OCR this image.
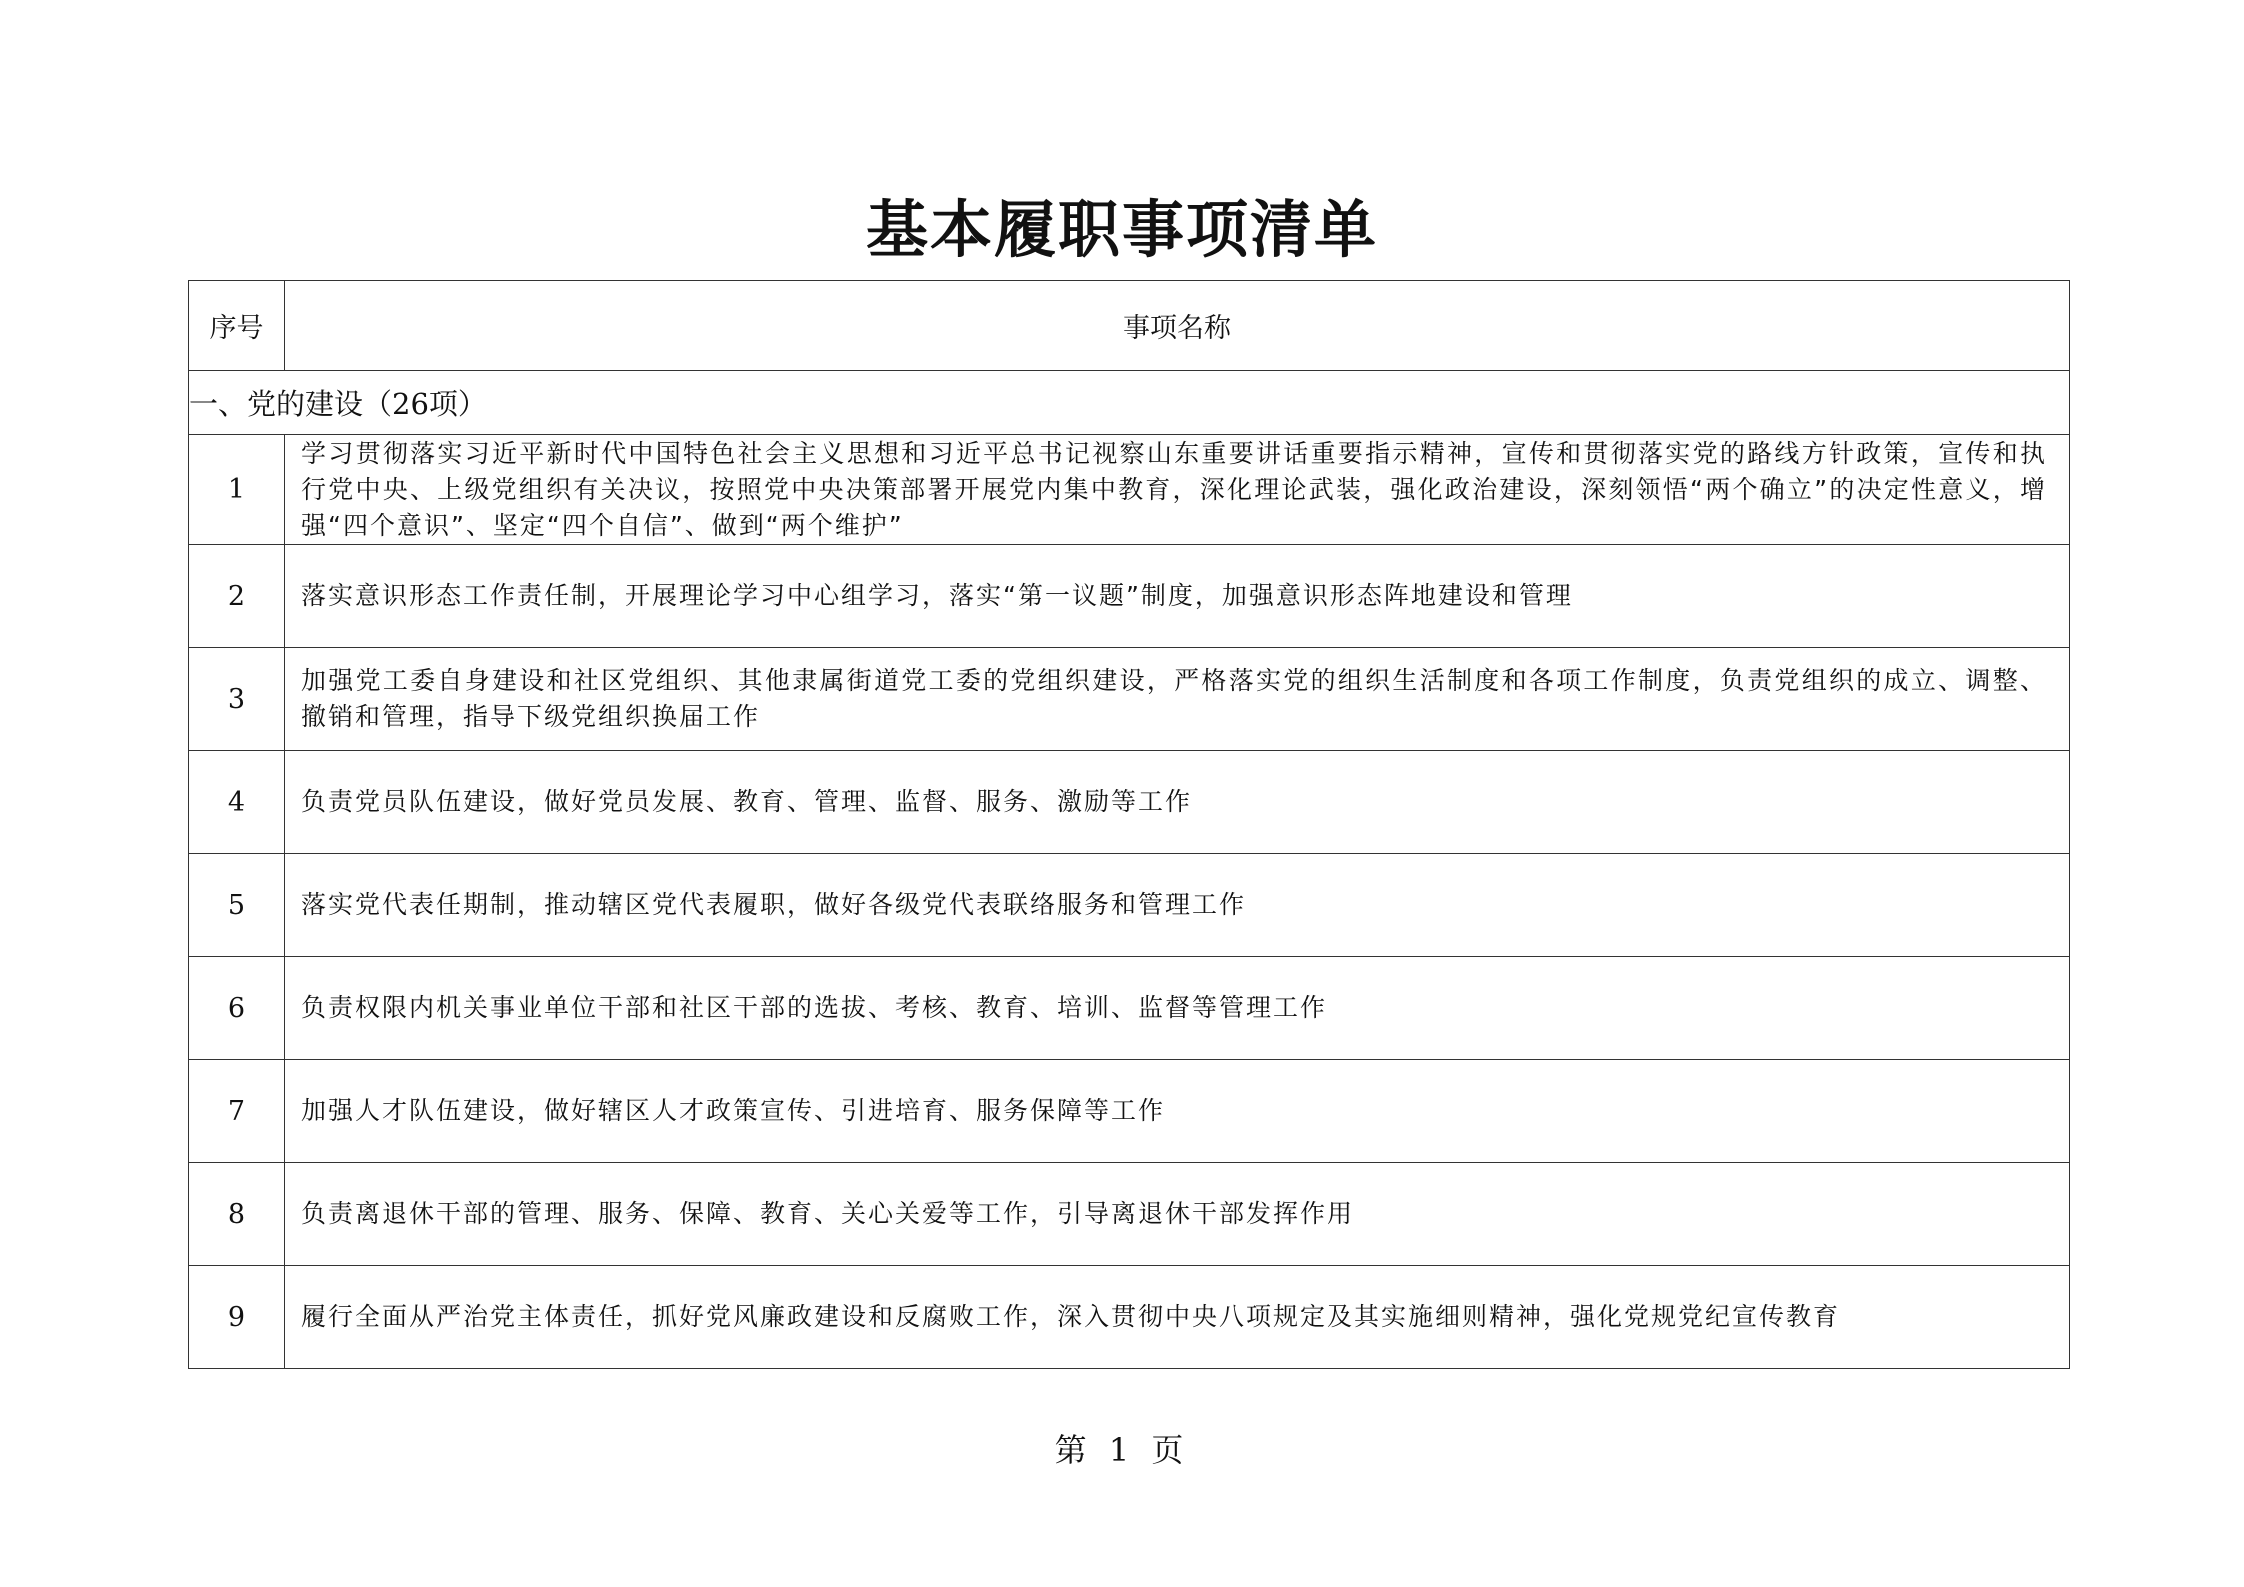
基本履职事项清单
序号	事项名称
一、党的建设（26项）	
1	学习贯彻落实习近平新时代中国特色社会主义思想和习近平总书记视察山东重要讲话重要指示精神，宣传和贯彻落实党的路线方针政策，宣传和执行党中央、上级党组织有关决议，按照党中央决策部署开展党内集中教育，深化理论武装，强化政治建设，深刻领悟“两个确立”的决定性意义，增强“四个意识”、坚定“四个自信”、做到“两个维护”
2	落实意识形态工作责任制，开展理论学习中心组学习，落实“第一议题”制度，加强意识形态阵地建设和管理
3	加强党工委自身建设和社区党组织、其他隶属街道党工委的党组织建设，严格落实党的组织生活制度和各项工作制度，负责党组织的成立、调整、撤销和管理，指导下级党组织换届工作
4	负责党员队伍建设，做好党员发展、教育、管理、监督、服务、激励等工作
5	落实党代表任期制，推动辖区党代表履职，做好各级党代表联络服务和管理工作
6	负责权限内机关事业单位干部和社区干部的选拔、考核、教育、培训、监督等管理工作
7	加强人才队伍建设，做好辖区人才政策宣传、引进培育、服务保障等工作
8	负责离退休干部的管理、服务、保障、教育、关心关爱等工作，引导离退休干部发挥作用
9	履行全面从严治党主体责任，抓好党风廉政建设和反腐败工作，深入贯彻中央八项规定及其实施细则精神，强化党规党纪宣传教育
第 1 页
